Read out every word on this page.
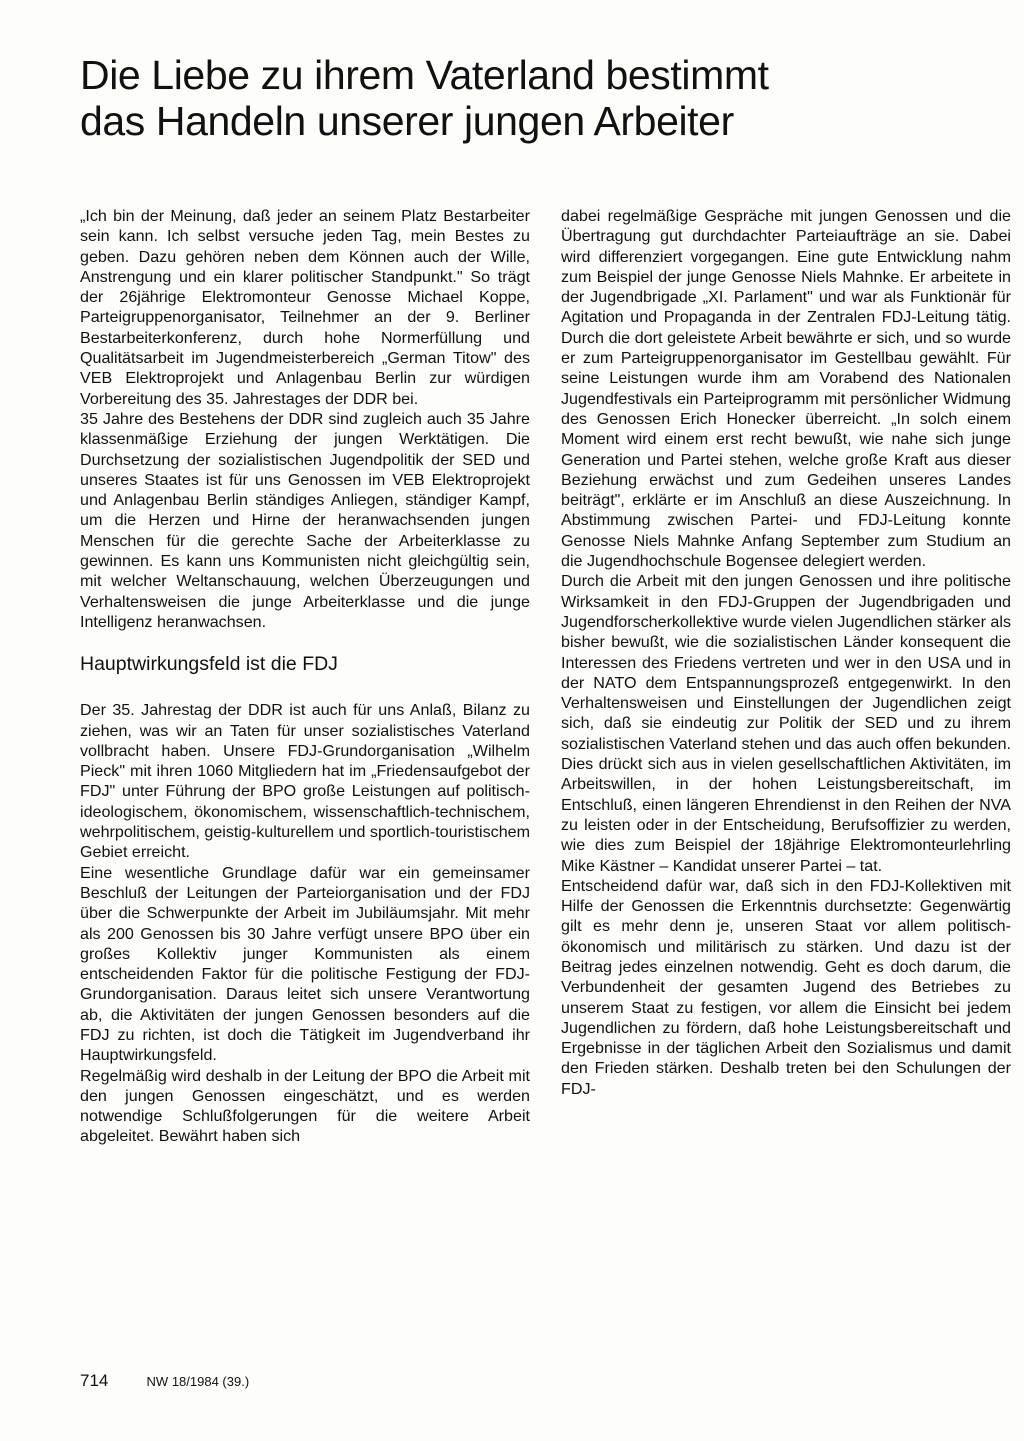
Die Liebe zu ihrem Vaterland bestimmt
das Handeln unserer jungen Arbeiter

„Ich bin der Meinung, daß jeder an seinem Platz Bestarbeiter sein kann. Ich selbst versuche jeden Tag, mein Bestes zu geben. Dazu gehören neben dem Können auch der Wille, Anstrengung und ein klarer politischer Standpunkt." So trägt der 26jährige Elektromonteur Genosse Michael Koppe, Parteigruppenorganisator, Teilnehmer an der 9. Berliner Bestarbeiterkonferenz, durch hohe Normerfüllung und Qualitätsarbeit im Jugendmeisterbereich „German Titow" des VEB Elektroprojekt und Anlagenbau Berlin zur würdigen Vorbereitung des 35. Jahrestages der DDR bei.

35 Jahre des Bestehens der DDR sind zugleich auch 35 Jahre klassenmäßige Erziehung der jungen Werktätigen. Die Durchsetzung der sozialistischen Jugendpolitik der SED und unseres Staates ist für uns Genossen im VEB Elektroprojekt und Anlagenbau Berlin ständiges Anliegen, ständiger Kampf, um die Herzen und Hirne der heranwachsenden jungen Menschen für die gerechte Sache der Arbeiterklasse zu gewinnen. Es kann uns Kommunisten nicht gleichgültig sein, mit welcher Weltanschauung, welchen Überzeugungen und Verhaltensweisen die junge Arbeiterklasse und die junge Intelligenz heranwachsen.

Hauptwirkungsfeld ist die FDJ

Der 35. Jahrestag der DDR ist auch für uns Anlaß, Bilanz zu ziehen, was wir an Taten für unser sozialistisches Vaterland vollbracht haben. Unsere FDJ-Grundorganisation „Wilhelm Pieck" mit ihren 1060 Mitgliedern hat im „Friedensaufgebot der FDJ" unter Führung der BPO große Leistungen auf politisch-ideologischem, ökonomischem, wissenschaftlich-technischem, wehrpolitischem, geistig-kulturellem und sportlich-touristischem Gebiet erreicht.

Eine wesentliche Grundlage dafür war ein gemeinsamer Beschluß der Leitungen der Parteiorganisation und der FDJ über die Schwerpunkte der Arbeit im Jubiläumsjahr. Mit mehr als 200 Genossen bis 30 Jahre verfügt unsere BPO über ein großes Kollektiv junger Kommunisten als einem entscheidenden Faktor für die politische Festigung der FDJ-Grundorganisation. Daraus leitet sich unsere Verantwortung ab, die Aktivitäten der jungen Genossen besonders auf die FDJ zu richten, ist doch die Tätigkeit im Jugendverband ihr Hauptwirkungsfeld.

Regelmäßig wird deshalb in der Leitung der BPO die Arbeit mit den jungen Genossen eingeschätzt, und es werden notwendige Schlußfolgerungen für die weitere Arbeit abgeleitet. Bewährt haben sich

dabei regelmäßige Gespräche mit jungen Genossen und die Übertragung gut durchdachter Parteiaufträge an sie. Dabei wird differenziert vorgegangen. Eine gute Entwicklung nahm zum Beispiel der junge Genosse Niels Mahnke. Er arbeitete in der Jugendbrigade „XI. Parlament" und war als Funktionär für Agitation und Propaganda in der Zentralen FDJ-Leitung tätig. Durch die dort geleistete Arbeit bewährte er sich, und so wurde er zum Parteigruppenorganisator im Gestellbau gewählt. Für seine Leistungen wurde ihm am Vorabend des Nationalen Jugendfestivals ein Parteiprogramm mit persönlicher Widmung des Genossen Erich Honecker überreicht. „In solch einem Moment wird einem erst recht bewußt, wie nahe sich junge Generation und Partei stehen, welche große Kraft aus dieser Beziehung erwächst und zum Gedeihen unseres Landes beiträgt", erklärte er im Anschluß an diese Auszeichnung. In Abstimmung zwischen Partei- und FDJ-Leitung konnte Genosse Niels Mahnke Anfang September zum Studium an die Jugendhochschule Bogensee delegiert werden.

Durch die Arbeit mit den jungen Genossen und ihre politische Wirksamkeit in den FDJ-Gruppen der Jugendbrigaden und Jugendforscherkollektive wurde vielen Jugendlichen stärker als bisher bewußt, wie die sozialistischen Länder konsequent die Interessen des Friedens vertreten und wer in den USA und in der NATO dem Entspannungsprozeß entgegenwirkt. In den Verhaltensweisen und Einstellungen der Jugendlichen zeigt sich, daß sie eindeutig zur Politik der SED und zu ihrem sozialistischen Vaterland stehen und das auch offen bekunden. Dies drückt sich aus in vielen gesellschaftlichen Aktivitäten, im Arbeitswillen, in der hohen Leistungsbereitschaft, im Entschluß, einen längeren Ehrendienst in den Reihen der NVA zu leisten oder in der Entscheidung, Berufsoffizier zu werden, wie dies zum Beispiel der 18jährige Elektromonteurlehrling Mike Kästner – Kandidat unserer Partei – tat.

Entscheidend dafür war, daß sich in den FDJ-Kollektiven mit Hilfe der Genossen die Erkenntnis durchsetzte: Gegenwärtig gilt es mehr denn je, unseren Staat vor allem politisch-ökonomisch und militärisch zu stärken. Und dazu ist der Beitrag jedes einzelnen notwendig. Geht es doch darum, die Verbundenheit der gesamten Jugend des Betriebes zu unserem Staat zu festigen, vor allem die Einsicht bei jedem Jugendlichen zu fördern, daß hohe Leistungsbereitschaft und Ergebnisse in der täglichen Arbeit den Sozialismus und damit den Frieden stärken. Deshalb treten bei den Schulungen der FDJ-

714	NW 18/1984 (39.)
